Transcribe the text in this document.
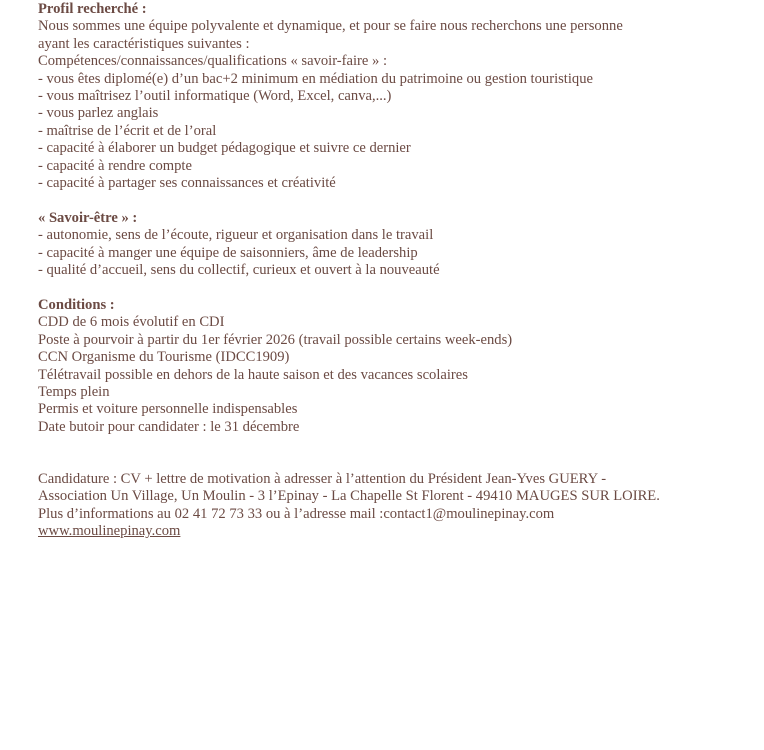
Profil recherché :
Nous sommes une équipe polyvalente et dynamique, et pour se faire nous recherchons une personne
ayant les caractéristiques suivantes :
Compétences/connaissances/qualifications « savoir-faire » :
- vous êtes diplomé(e) d’un bac+2 minimum en médiation du patrimoine ou gestion touristique
- vous maîtrisez l’outil informatique (Word, Excel, canva,...)
- vous parlez anglais
- maîtrise de l’écrit et de l’oral
- capacité à élaborer un budget pédagogique et suivre ce dernier
- capacité à rendre compte
- capacité à partager ses connaissances et créativité
« Savoir-être » :
- autonomie, sens de l’écoute, rigueur et organisation dans le travail
- capacité à manger une équipe de saisonniers, âme de leadership
- qualité d’accueil, sens du collectif, curieux et ouvert à la nouveauté
Conditions :
CDD de 6 mois évolutif en CDI
Poste à pourvoir à partir du 1er février 2026 (travail possible certains week-ends)
CCN Organisme du Tourisme (IDCC1909)
Télétravail possible en dehors de la haute saison et des vacances scolaires
Temps plein
Permis et voiture personnelle indispensables
Date butoir pour candidater : le 31 décembre
Candidature : CV + lettre de motivation à adresser à l’attention du Président Jean-Yves GUERY -
Association Un Village, Un Moulin - 3 l’Epinay - La Chapelle St Florent - 49410 MAUGES SUR LOIRE.
Plus d’informations au 02 41 72 73 33 ou à l’adresse mail :contact1@moulinepinay.com
www.moulinepinay.com
